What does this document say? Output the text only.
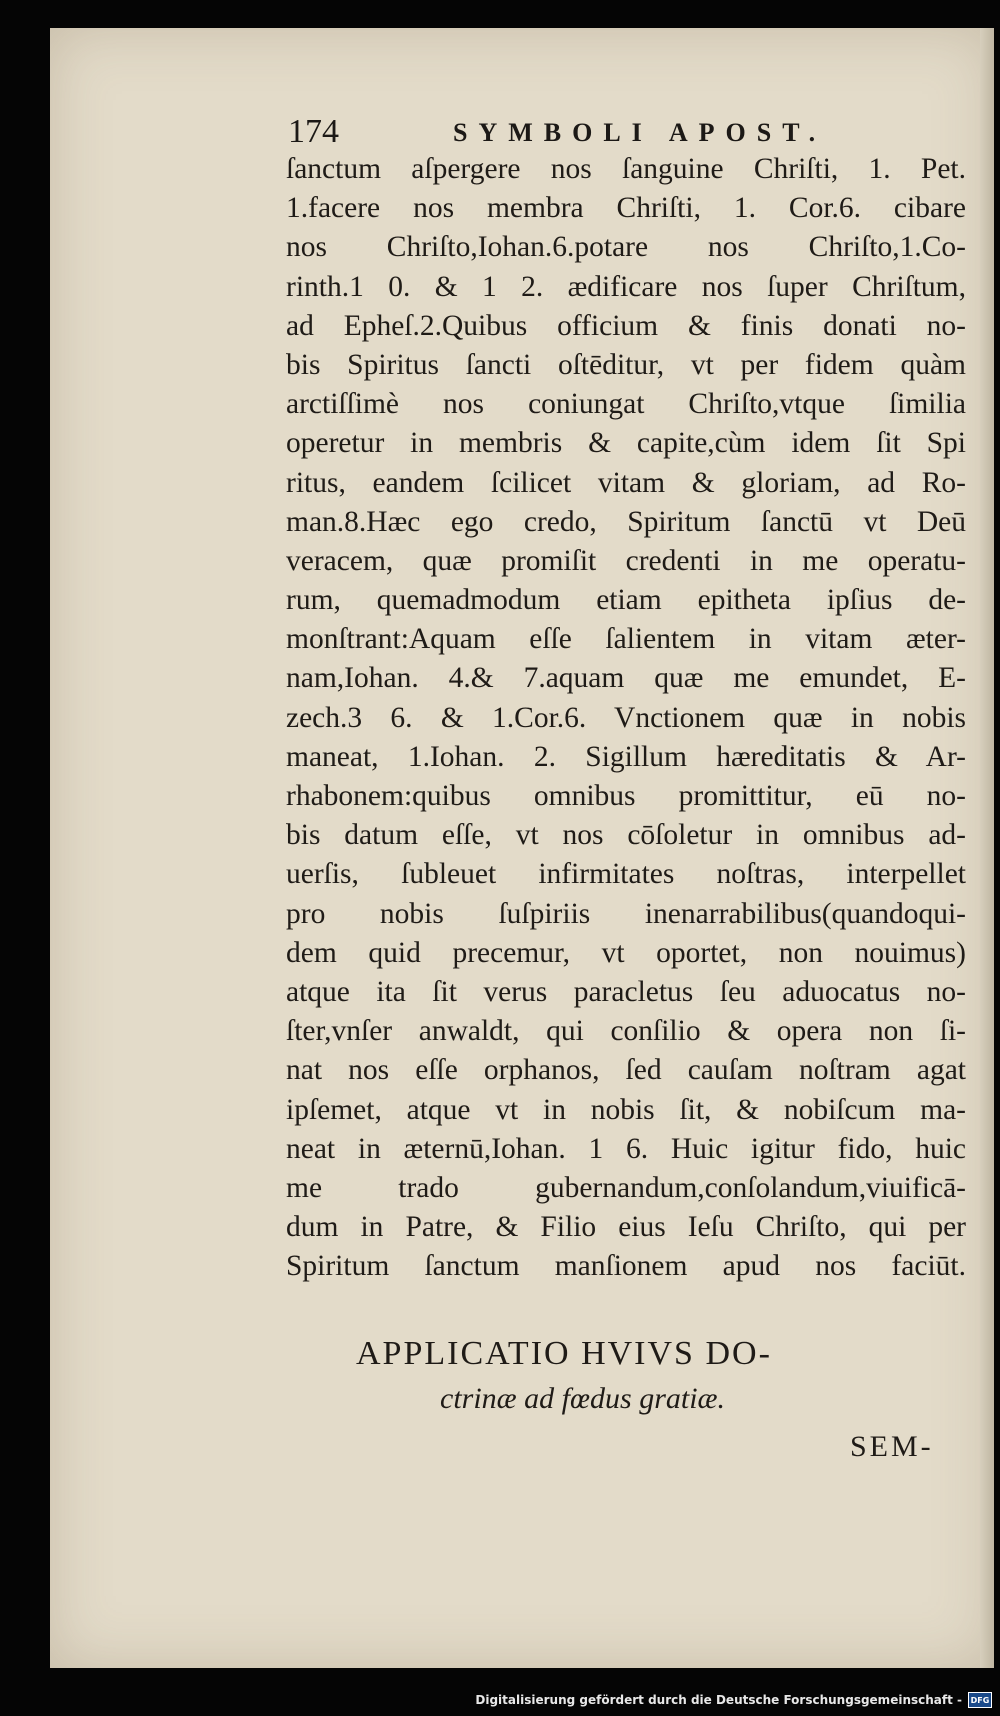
174	SYMBOLI APOST.
ſanctum aſpergere nos ſanguine Chriſti, 1. Pet.
1.facere nos membra Chriſti, 1. Cor.6. cibare
nos Chriſto,Iohan.6.potare nos Chriſto,1.Co-
rinth.1 0. & 1 2. ædificare nos ſuper Chriſtum,
ad Epheſ.2.Quibus officium & finis donati no-
bis Spiritus ſancti oſtēditur, vt per fidem quàm
arctiſſimè nos coniungat Chriſto,vtque ſimilia
operetur in membris & capite,cùm idem ſit Spi
ritus, eandem ſcilicet vitam & gloriam, ad Ro-
man.8.Hæc ego credo, Spiritum ſanctū vt Deū
veracem, quæ promiſit credenti in me operatu-
rum, quemadmodum etiam epitheta ipſius de-
monſtrant:Aquam eſſe ſalientem in vitam æter-
nam,Iohan. 4.& 7.aquam quæ me emundet, E-
zech.3 6. & 1.Cor.6. Vnctionem quæ in nobis
maneat, 1.Iohan. 2. Sigillum hæreditatis & Ar-
rhabonem:quibus omnibus promittitur, eū no-
bis datum eſſe, vt nos cōſoletur in omnibus ad-
uerſis, ſubleuet infirmitates noſtras, interpellet
pro nobis ſuſpiriis inenarrabilibus(quandoqui-
dem quid precemur, vt oportet, non nouimus)
atque ita ſit verus paracletus ſeu aduocatus no-
ſter,vnſer anwaldt, qui conſilio & opera non ſi-
nat nos eſſe orphanos, ſed cauſam noſtram agat
ipſemet, atque vt in nobis ſit, & nobiſcum ma-
neat in æternū,Iohan. 1 6. Huic igitur fido, huic
me trado gubernandum,conſolandum,viuificā-
dum in Patre, & Filio eius Ieſu Chriſto, qui per
Spiritum ſanctum manſionem apud nos faciūt.
APPLICATIO HVIVS DO-
ctrinæ ad fœdus gratiæ.
SEM-
Digitalisierung gefördert durch die Deutsche Forschungsgemeinschaft -	DFG
